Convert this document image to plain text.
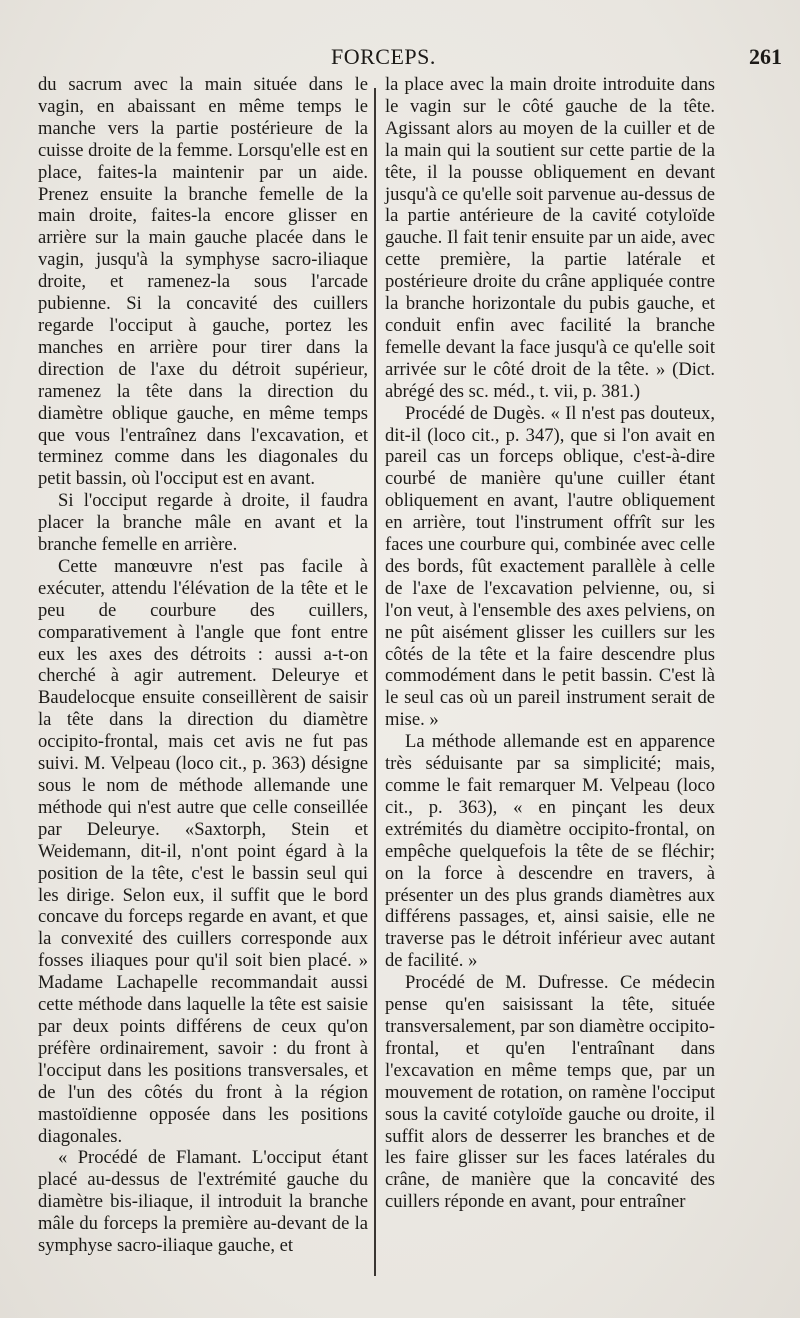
FORCEPS.	261

du sacrum avec la main située dans le vagin, en abaissant en même temps le manche vers la partie postérieure de la cuisse droite de la femme. Lorsqu'elle est en place, faites-la maintenir par un aide. Prenez ensuite la branche femelle de la main droite, faites-la encore glisser en arrière sur la main gauche placée dans le vagin, jusqu'à la symphyse sacro-iliaque droite, et ramenez-la sous l'arcade pubienne. Si la concavité des cuillers regarde l'occiput à gauche, portez les manches en arrière pour tirer dans la direction de l'axe du détroit supérieur, ramenez la tête dans la direction du diamètre oblique gauche, en même temps que vous l'entraînez dans l'excavation, et terminez comme dans les diagonales du petit bassin, où l'occiput est en avant.

Si l'occiput regarde à droite, il faudra placer la branche mâle en avant et la branche femelle en arrière.

Cette manœuvre n'est pas facile à exécuter, attendu l'élévation de la tête et le peu de courbure des cuillers, comparativement à l'angle que font entre eux les axes des détroits : aussi a-t-on cherché à agir autrement. Deleurye et Baudelocque ensuite conseillèrent de saisir la tête dans la direction du diamètre occipito-frontal, mais cet avis ne fut pas suivi. M. Velpeau (loco cit., p. 363) désigne sous le nom de méthode allemande une méthode qui n'est autre que celle conseillée par Deleurye. «Saxtorph, Stein et Weidemann, dit-il, n'ont point égard à la position de la tête, c'est le bassin seul qui les dirige. Selon eux, il suffit que le bord concave du forceps regarde en avant, et que la convexité des cuillers corresponde aux fosses iliaques pour qu'il soit bien placé. » Madame Lachapelle recommandait aussi cette méthode dans laquelle la tête est saisie par deux points différens de ceux qu'on préfère ordinairement, savoir : du front à l'occiput dans les positions transversales, et de l'un des côtés du front à la région mastoïdienne opposée dans les positions diagonales.

« Procédé de Flamant. L'occiput étant placé au-dessus de l'extrémité gauche du diamètre bis-iliaque, il introduit la branche mâle du forceps la première au-devant de la symphyse sacro-iliaque gauche, et

la place avec la main droite introduite dans le vagin sur le côté gauche de la tête. Agissant alors au moyen de la cuiller et de la main qui la soutient sur cette partie de la tête, il la pousse obliquement en devant jusqu'à ce qu'elle soit parvenue au-dessus de la partie antérieure de la cavité cotyloïde gauche. Il fait tenir ensuite par un aide, avec cette première, la partie latérale et postérieure droite du crâne appliquée contre la branche horizontale du pubis gauche, et conduit enfin avec facilité la branche femelle devant la face jusqu'à ce qu'elle soit arrivée sur le côté droit de la tête. » (Dict. abrégé des sc. méd., t. vii, p. 381.)

Procédé de Dugès. « Il n'est pas douteux, dit-il (loco cit., p. 347), que si l'on avait en pareil cas un forceps oblique, c'est-à-dire courbé de manière qu'une cuiller étant obliquement en avant, l'autre obliquement en arrière, tout l'instrument offrît sur les faces une courbure qui, combinée avec celle des bords, fût exactement parallèle à celle de l'axe de l'excavation pelvienne, ou, si l'on veut, à l'ensemble des axes pelviens, on ne pût aisément glisser les cuillers sur les côtés de la tête et la faire descendre plus commodément dans le petit bassin. C'est là le seul cas où un pareil instrument serait de mise. »

La méthode allemande est en apparence très séduisante par sa simplicité; mais, comme le fait remarquer M. Velpeau (loco cit., p. 363), « en pinçant les deux extrémités du diamètre occipito-frontal, on empêche quelquefois la tête de se fléchir; on la force à descendre en travers, à présenter un des plus grands diamètres aux différens passages, et, ainsi saisie, elle ne traverse pas le détroit inférieur avec autant de facilité. »

Procédé de M. Dufresse. Ce médecin pense qu'en saisissant la tête, située transversalement, par son diamètre occipito-frontal, et qu'en l'entraînant dans l'excavation en même temps que, par un mouvement de rotation, on ramène l'occiput sous la cavité cotyloïde gauche ou droite, il suffit alors de desserrer les branches et de les faire glisser sur les faces latérales du crâne, de manière que la concavité des cuillers réponde en avant, pour entraîner
